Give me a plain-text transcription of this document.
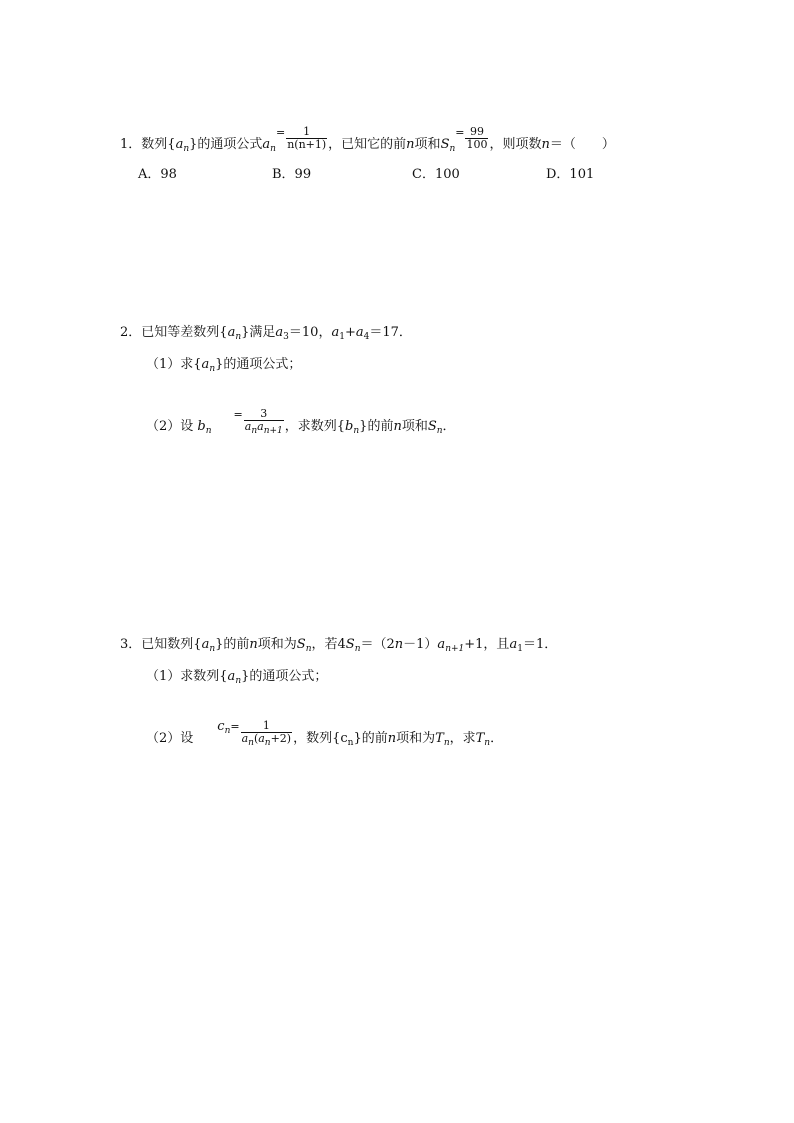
1．数列$\{a_n\}$的通项公式$a_n^= \frac{1}{n(n+1)}$ ，已知它的前n项和$S_n^= \frac{99}{100}$ ，则项数n＝（　　）
A．98	B．99	C．100	D．101
2．已知等差数列$\{a_n\}$满足$a_3=10$，$a_1+a_4=17$．
（1）求$\{a_n\}$的通项公式；
（2）设 $b_n^= \frac{3}{a_na_{n+1}}$ ，求数列$\{b_n\}$的前n项和$S_n$．
3．已知数列$\{a_n\}$的前n项和为$S_n$，若$4S_n=(2n-1)a_{n+1}+1$，且$a_1=1$．
（1）求数列$\{a_n\}$的通项公式；
（2）设$c_n^= \frac{1}{a_n(a_n+2)}$ ，数列$\{c_n\}$的前n项和为$T_n$，求$T_n$．
